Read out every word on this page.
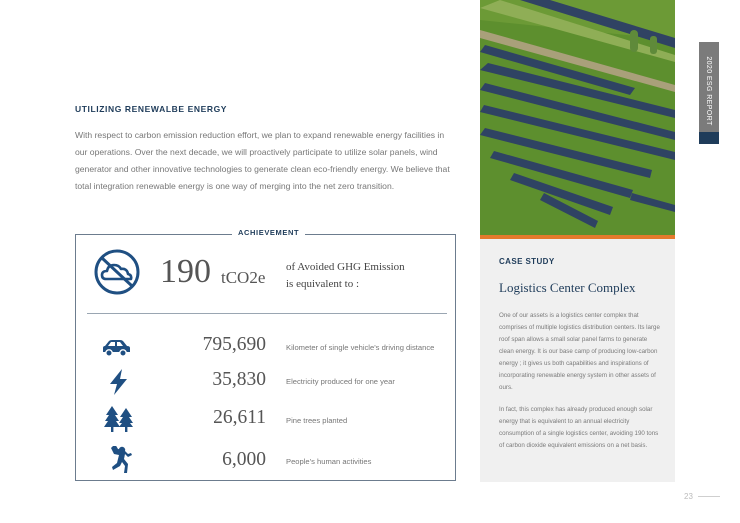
UTILIZING RENEWALBE ENERGY
With respect to carbon emission reduction effort, we plan to expand renewable energy facilities in our operations. Over the next decade, we will proactively participate to utilize solar panels, wind generator and other innovative technologies to generate clean eco-friendly energy. We believe that total integration renewable energy is one way of merging into the net zero transition.
ACHIEVEMENT
190 tCO2e
of Avoided GHG Emission
is equivalent to :
795,690	Kilometer of single vehicle's driving distance
35,830	Electricity produced for one year
26,611	Pine trees planted
6,000	People's human activities
CASE STUDY
Logistics Center Complex

One of our assets is a logistics center complex that comprises of multiple logistics distribution centers. Its large roof span allows a small solar panel farms to generate clean energy. It is our base camp of producing low-carbon energy ; it gives us both capabilities and inspirations of incorporating renewable energy system in other assets of ours.

In fact, this complex has already produced enough solar energy that is equivalent to an annual electricity consumption of a single logistics center, avoiding 190 tons of carbon dioxide equivalent emissions on a net basis.

2020 ESG REPORT
23
